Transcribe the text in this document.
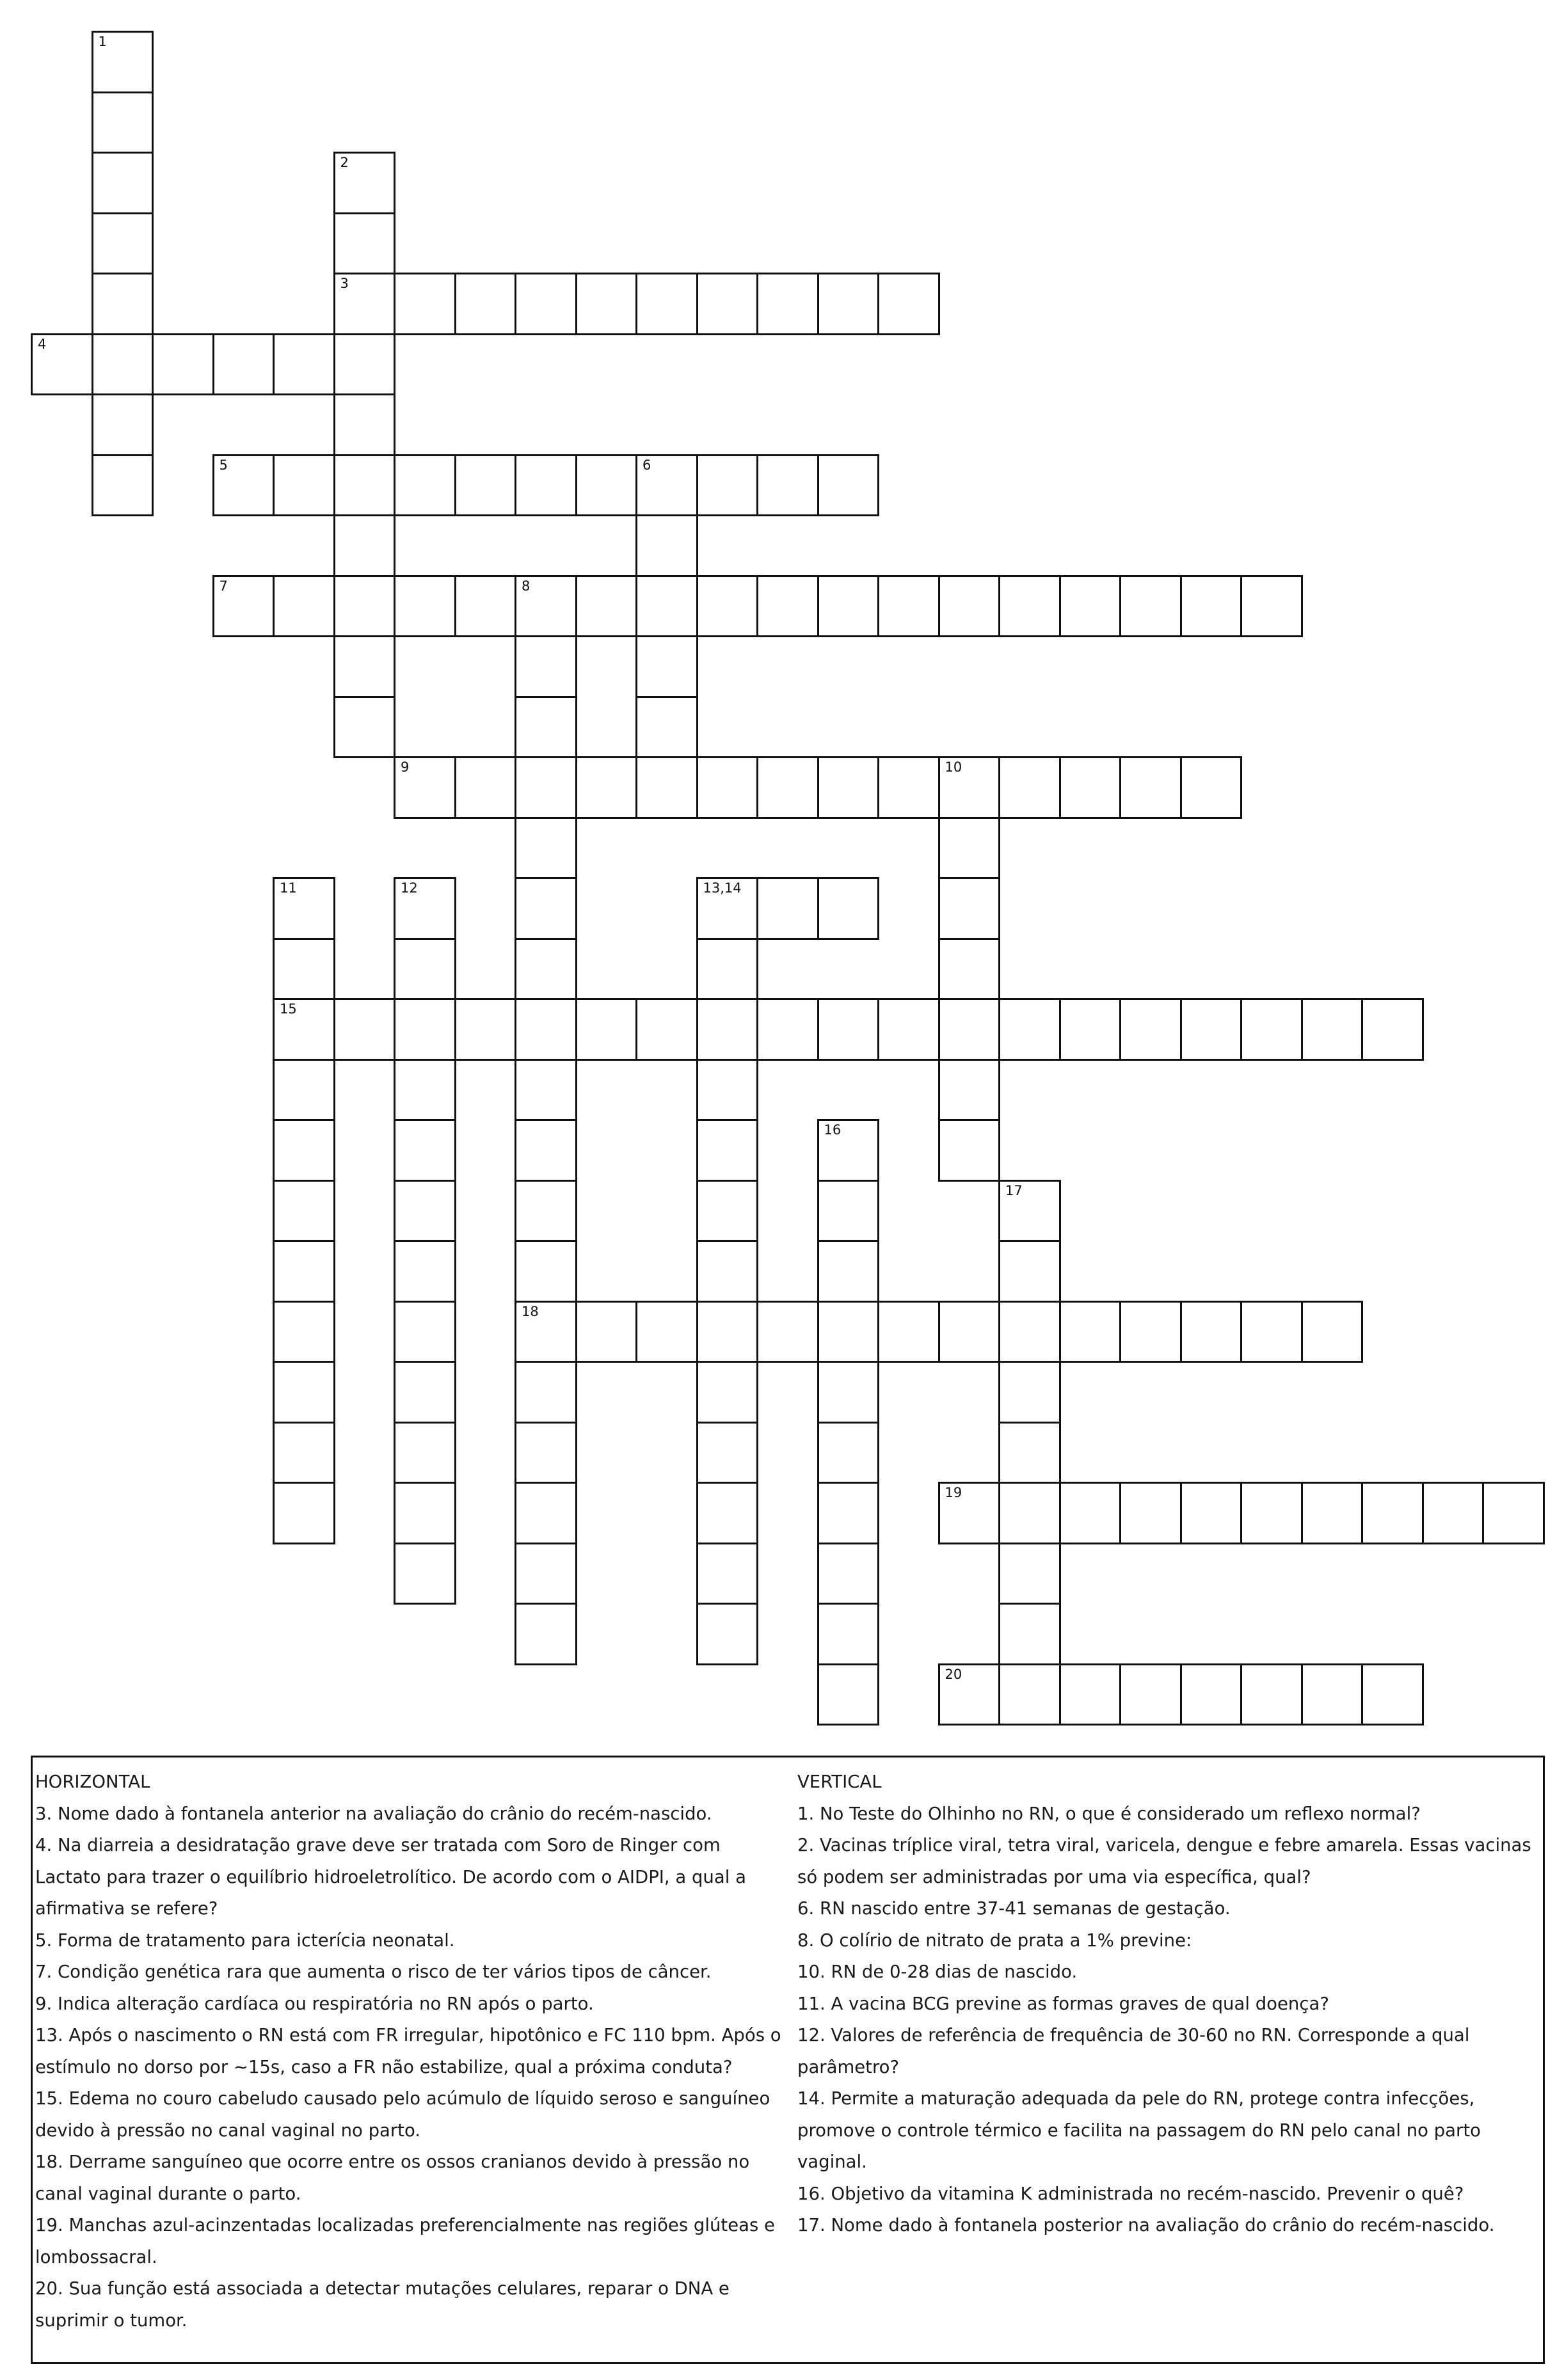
1
2
3
4
5	6
7	8
18
9	10
11
15
12	13,14
16
17
19
20

HORIZONTAL

3. Nome dado à fontanela anterior na avaliação do crânio do recém-nascido.

4. Na diarreia a desidratação grave deve ser tratada com Soro de Ringer com Lactato para trazer o equilíbrio hidroeletrolítico. De acordo com o AIDPI, a qual a afirmativa se refere?

5. Forma de tratamento para icterícia neonatal.

7. Condição genética rara que aumenta o risco de ter vários tipos de câncer.

9. Indica alteração cardíaca ou respiratória no RN após o parto.

13. Após o nascimento o RN está com FR irregular, hipotônico e FC 110 bpm. Após o estímulo no dorso por ~15s, caso a FR não estabilize, qual a próxima conduta?

15. Edema no couro cabeludo causado pelo acúmulo de líquido seroso e sanguíneo devido à pressão no canal vaginal no parto.

18. Derrame sanguíneo que ocorre entre os ossos cranianos devido à pressão no canal vaginal durante o parto.

19. Manchas azul-acinzentadas localizadas preferencialmente nas regiões glúteas e lombossacral.

20. Sua função está associada a detectar mutações celulares, reparar o DNA e suprimir o tumor.

VERTICAL

1. No Teste do Olhinho no RN, o que é considerado um reflexo normal?

2. Vacinas tríplice viral, tetra viral, varicela, dengue e febre amarela. Essas vacinas só podem ser administradas por uma via específica, qual?

6. RN nascido entre 37-41 semanas de gestação.

8. O colírio de nitrato de prata a 1% previne:

10. RN de 0-28 dias de nascido.

11. A vacina BCG previne as formas graves de qual doença?

12. Valores de referência de frequência de 30-60 no RN. Corresponde a qual parâmetro?

14. Permite a maturação adequada da pele do RN, protege contra infecções, promove o controle térmico e facilita na passagem do RN pelo canal no parto vaginal.

16. Objetivo da vitamina K administrada no recém-nascido. Prevenir o quê?

17. Nome dado à fontanela posterior na avaliação do crânio do recém-nascido.
